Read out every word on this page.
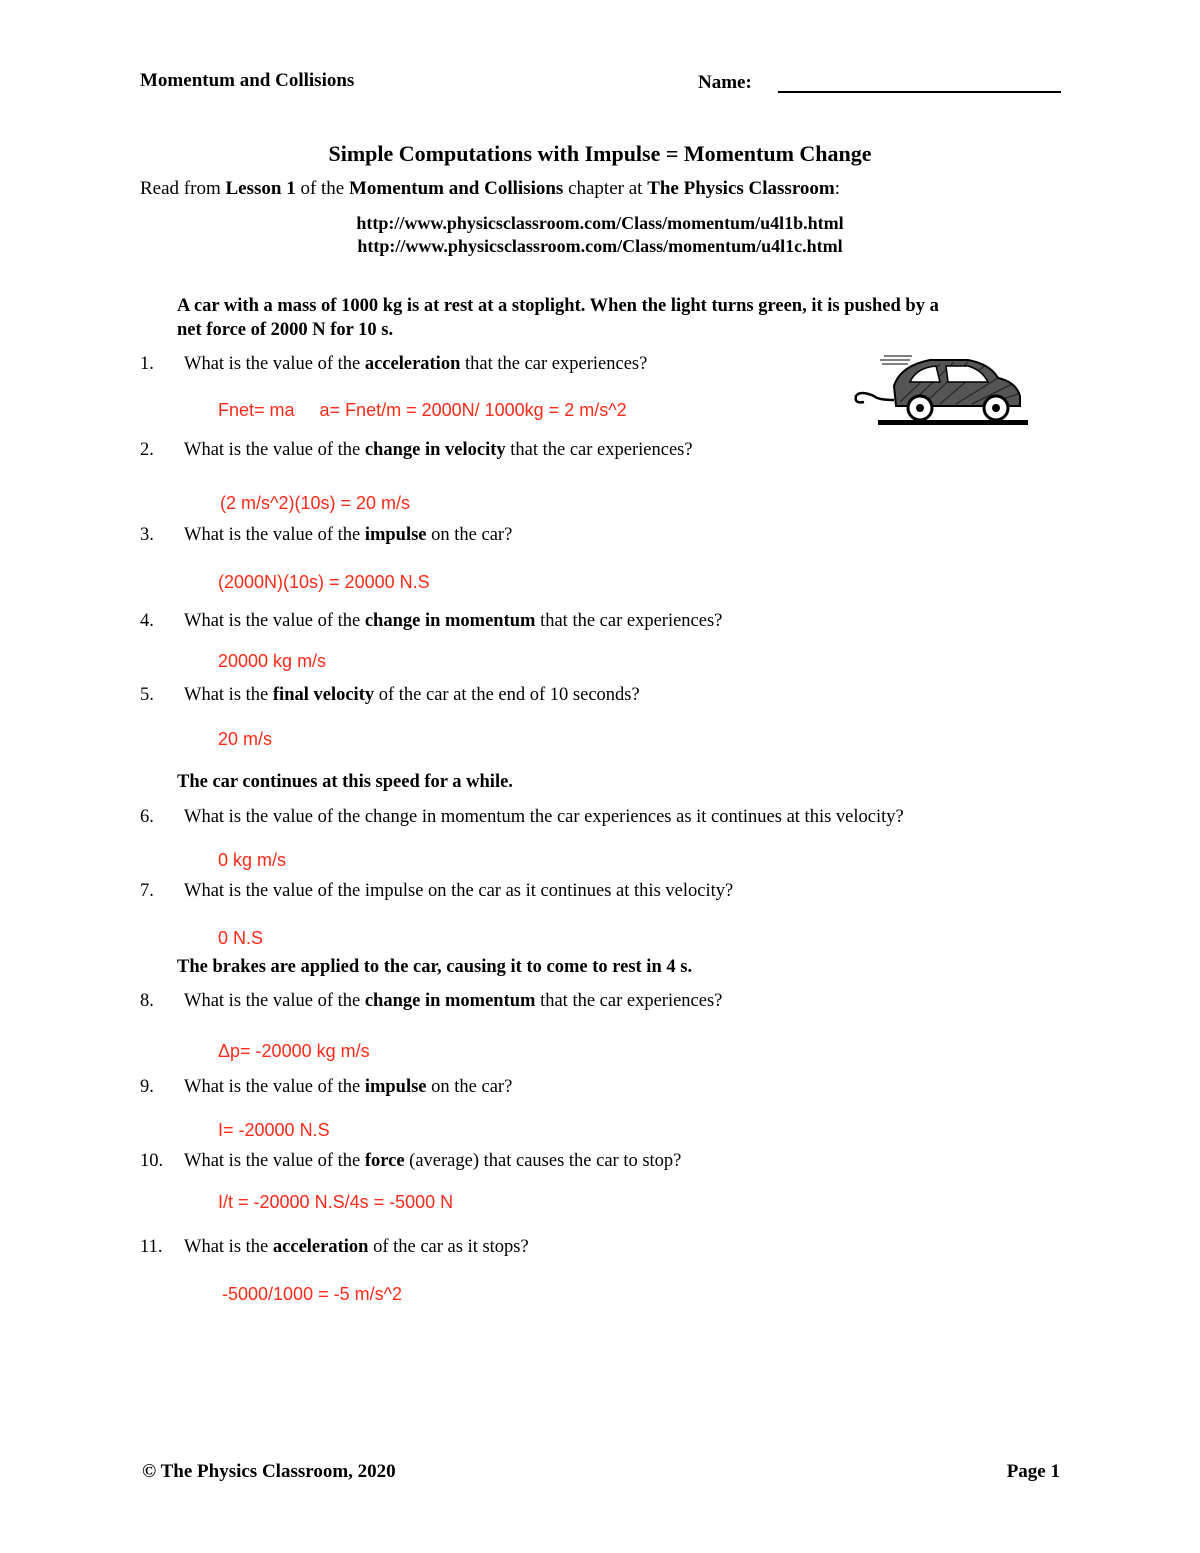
Momentum and Collisions	Name:
Simple Computations with Impulse = Momentum Change
Read from Lesson 1 of the Momentum and Collisions chapter at The Physics Classroom:
http://www.physicsclassroom.com/Class/momentum/u4l1b.html
http://www.physicsclassroom.com/Class/momentum/u4l1c.html
A car with a mass of 1000 kg is at rest at a stoplight. When the light turns green, it is pushed by a
net force of 2000 N for 10 s.
1. What is the value of the acceleration that the car experiences?
Fnet= ma     a= Fnet/m = 2000N/ 1000kg = 2 m/s^2
2. What is the value of the change in velocity that the car experiences?
(2 m/s^2)(10s) = 20 m/s
3. What is the value of the impulse on the car?
(2000N)(10s) = 20000 N.S
4. What is the value of the change in momentum that the car experiences?
20000 kg m/s
5. What is the final velocity of the car at the end of 10 seconds?
20 m/s
The car continues at this speed for a while.
6. What is the value of the change in momentum the car experiences as it continues at this velocity?
0 kg m/s
7. What is the value of the impulse on the car as it continues at this velocity?
0 N.S
The brakes are applied to the car, causing it to come to rest in 4 s.
8. What is the value of the change in momentum that the car experiences?
Δp= -20000 kg m/s
9. What is the value of the impulse on the car?
I= -20000 N.S
10. What is the value of the force (average) that causes the car to stop?
I/t = -20000 N.S/4s = -5000 N
11. What is the acceleration of the car as it stops?
-5000/1000 = -5 m/s^2
© The Physics Classroom, 2020	Page 1
